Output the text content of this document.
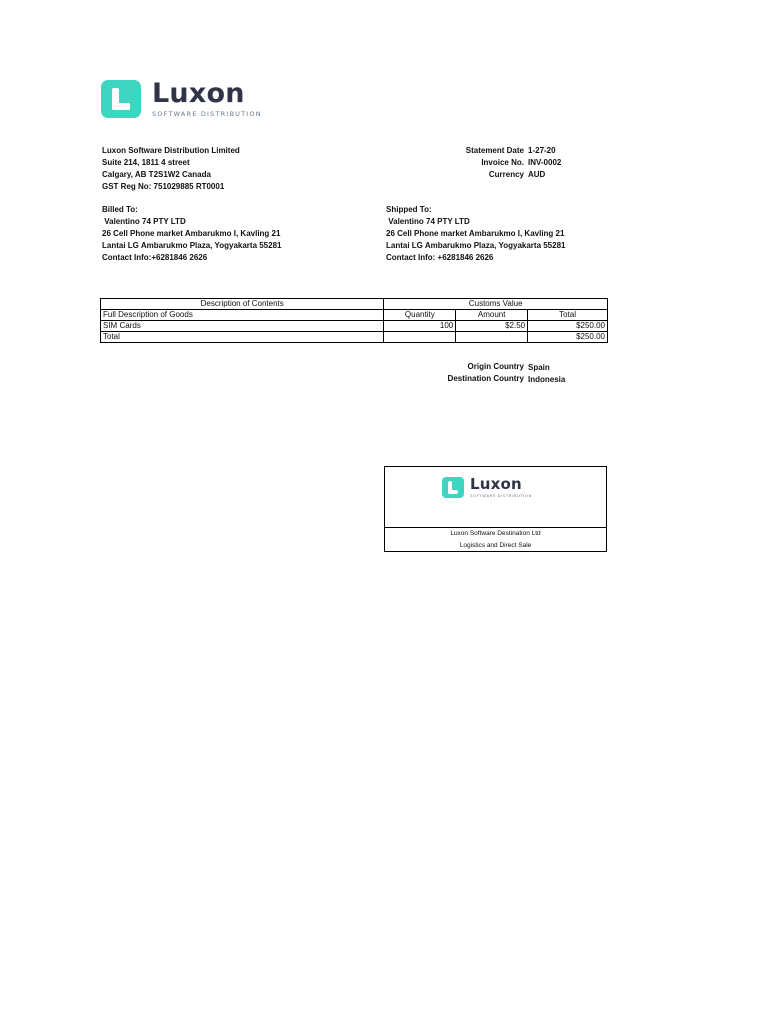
Luxon
SOFTWARE DISTRIBUTION
Luxon Software Distribution Limited
Suite 214, 1811 4 street
Calgary, AB T2S1W2 Canada
GST Reg No: 751029885 RT0001
Statement Date 1-27-20
Invoice No. INV-0002
Currency AUD
Billed To:
Valentino 74 PTY LTD
26 Cell Phone market Ambarukmo I, Kavling 21
Lantai LG Ambarukmo Plaza, Yogyakarta 55281
Contact Info:+6281846 2626
Shipped To:
Valentino 74 PTY LTD
26 Cell Phone market Ambarukmo I, Kavling 21
Lantai LG Ambarukmo Plaza, Yogyakarta 55281
Contact Info: +6281846 2626
Description of Contents	Customs Value		
Full Description of Goods	Quantity	Amount	Total
SIM Cards	100	$2.50	$250.00
Total			$250.00
Origin Country Spain
Destination Country Indonesia
Luxon
SOFTWARE DISTRIBUTION
Luxon Software Destination Ltd
Logistics and Direct Sale
